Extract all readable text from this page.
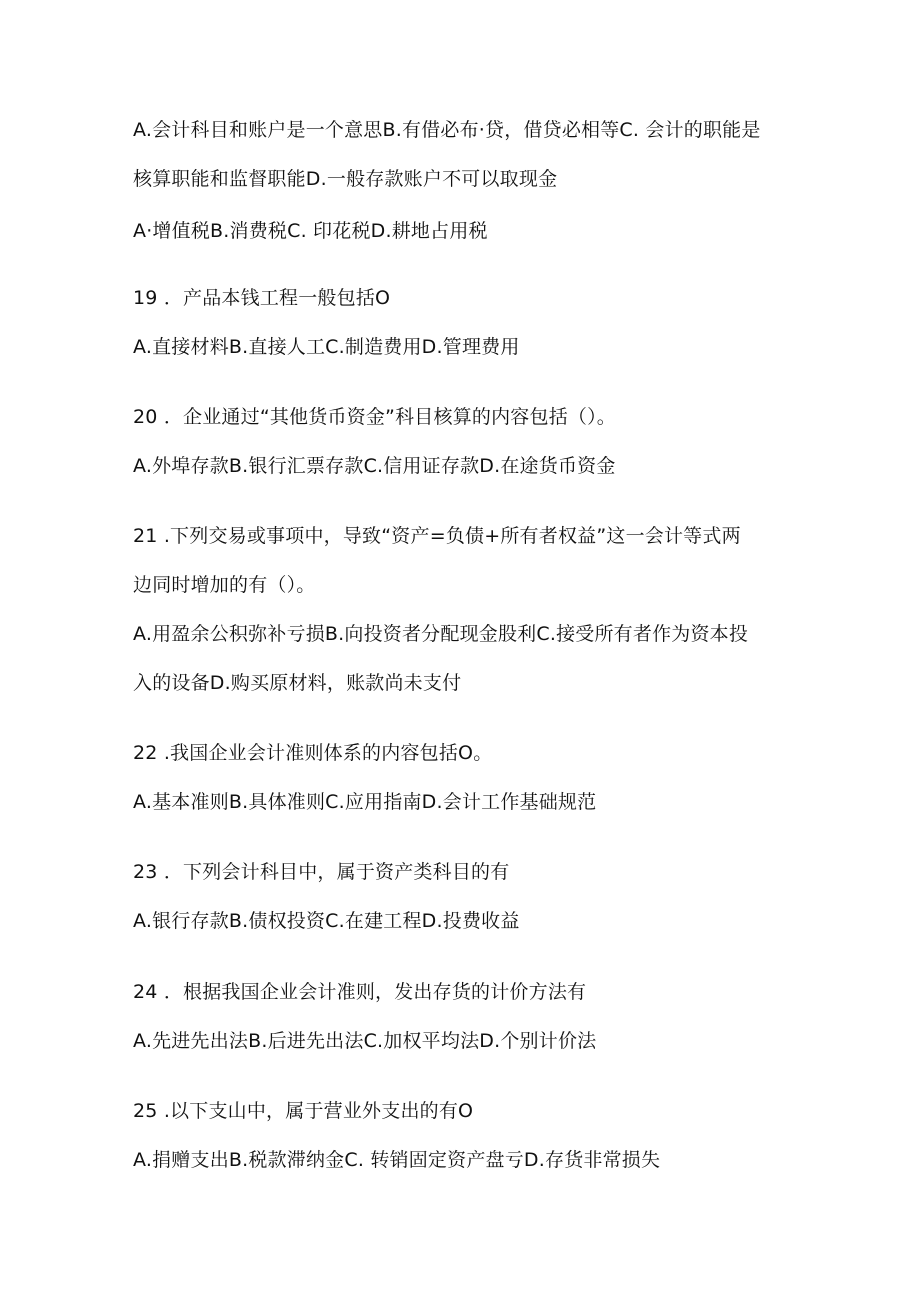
A.会计科目和账户是一个意思B.有借必布·贷，借贷必相等C. 会计的职能是
核算职能和监督职能D.一般存款账户不可以取现金
A·增值税B.消费税C. 印花税D.耕地占用税
19 ．产品本钱工程一般包括O
A.直接材料B.直接人工C.制造费用D.管理费用
20 ．企业通过“其他货币资金”科目核算的内容包括（）。
A.外埠存款B.银行汇票存款C.信用证存款D.在途货币资金
21 .下列交易或事项中，导致“资产=负债+所有者权益”这一会计等式两
边同时增加的有（）。
A.用盈余公积弥补亏损B.向投资者分配现金股利C.接受所有者作为资本投
入的设备D.购买原材料，账款尚未支付
22 .我国企业会计准则体系的内容包括O。
A.基本准则B.具体准则C.应用指南D.会计工作基础规范
23 ．下列会计科目中，属于资产类科目的有
A.银行存款B.债权投资C.在建工程D.投费收益
24 ．根据我国企业会计准则，发出存货的计价方法有
A.先进先出法B.后进先出法C.加权平均法D.个别计价法
25 .以下支山中，属于营业外支出的有O
A.捐赠支出B.税款滞纳金C. 转销固定资产盘亏D.存货非常损失
